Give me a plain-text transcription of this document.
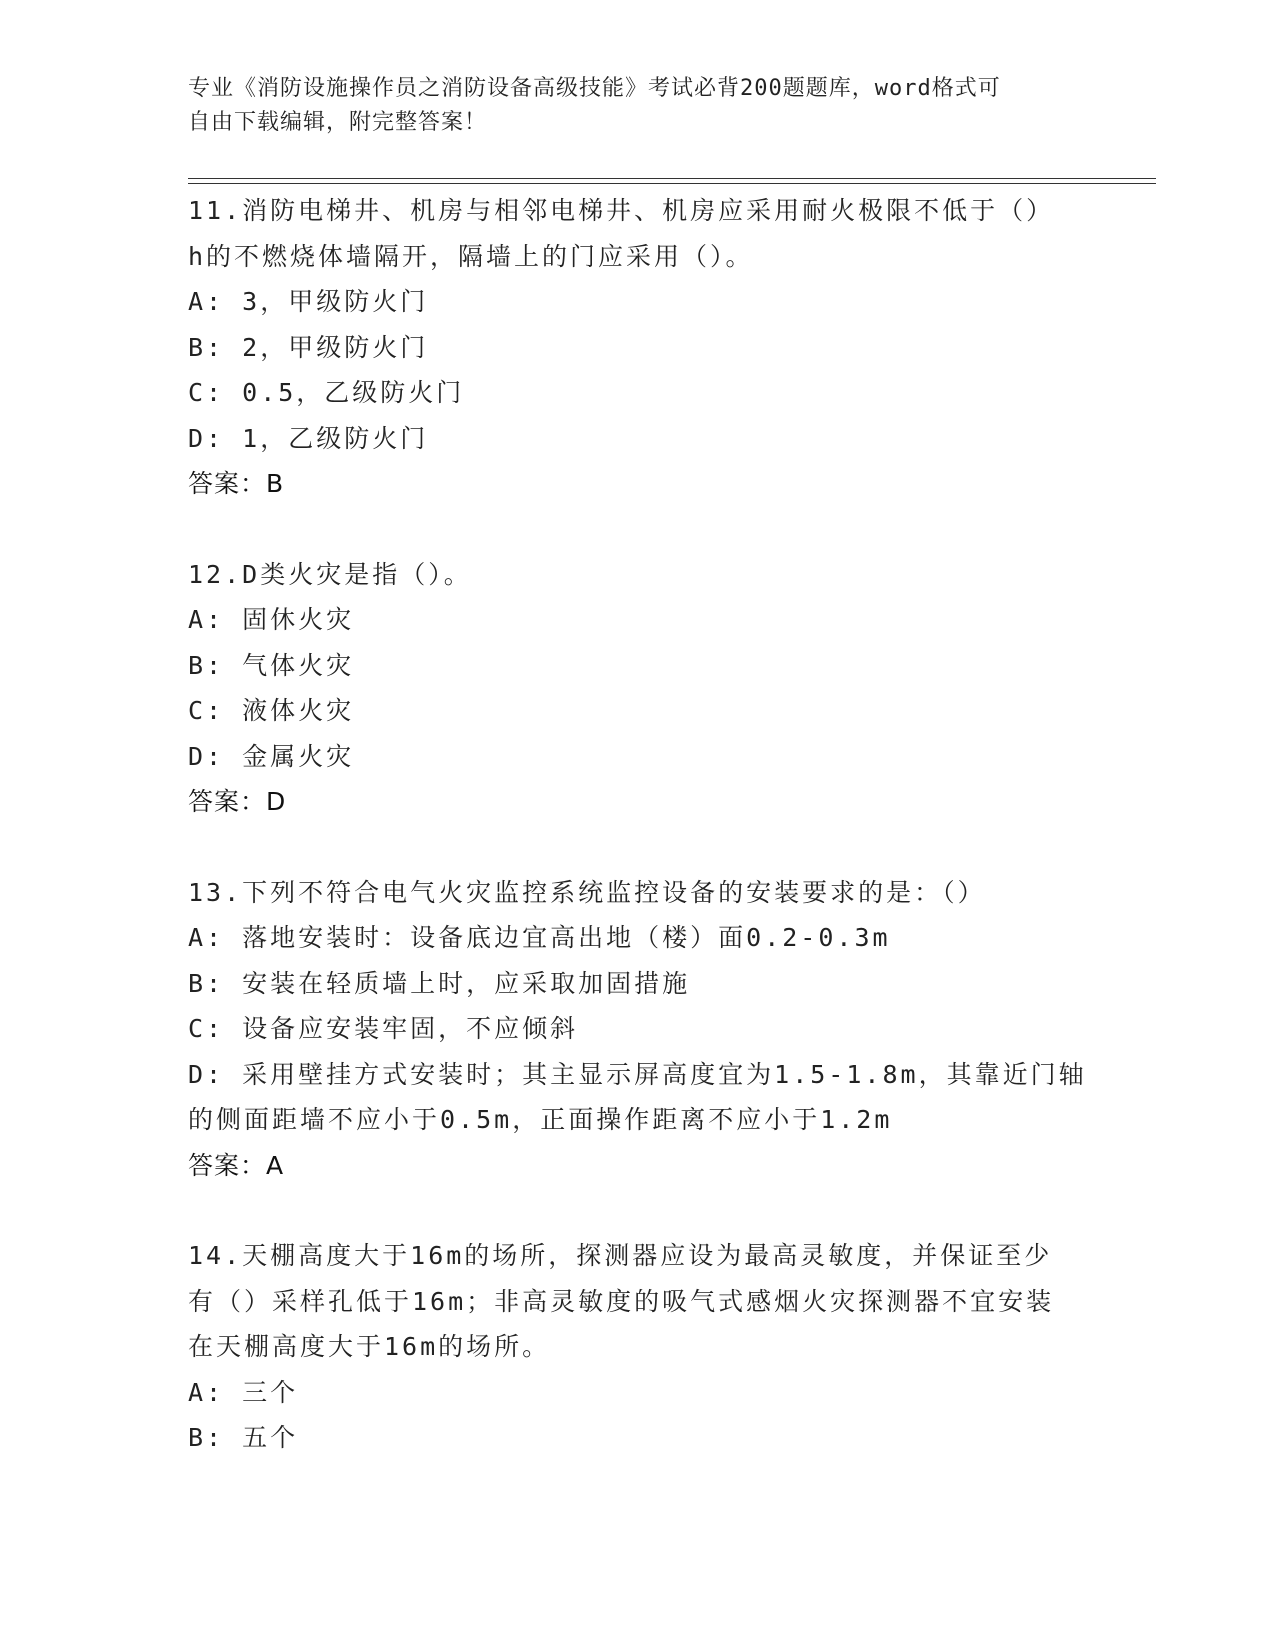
专业《消防设施操作员之消防设备高级技能》考试必背200题题库，word格式可
自由下载编辑，附完整答案！
11.消防电梯井、机房与相邻电梯井、机房应采用耐火极限不低于（）
h的不燃烧体墙隔开，隔墙上的门应采用（）。
A: 3，甲级防火门
B: 2，甲级防火门
C: 0.5，乙级防火门
D: 1，乙级防火门
答案：B
12.D类火灾是指（）。
A: 固休火灾
B: 气体火灾
C: 液体火灾
D: 金属火灾
答案：D
13.下列不符合电气火灾监控系统监控设备的安装要求的是：（）
A: 落地安装时：设备底边宜高出地（楼）面0.2-0.3m
B: 安装在轻质墙上时，应采取加固措施
C: 设备应安装牢固，不应倾斜
D: 采用壁挂方式安装时；其主显示屏高度宜为1.5-1.8m，其靠近门轴
的侧面距墙不应小于0.5m，正面操作距离不应小于1.2m
答案：A
14.天棚高度大于16m的场所，探测器应设为最高灵敏度，并保证至少
有（）采样孔低于16m；非高灵敏度的吸气式感烟火灾探测器不宜安装
在天棚高度大于16m的场所。
A: 三个
B: 五个
